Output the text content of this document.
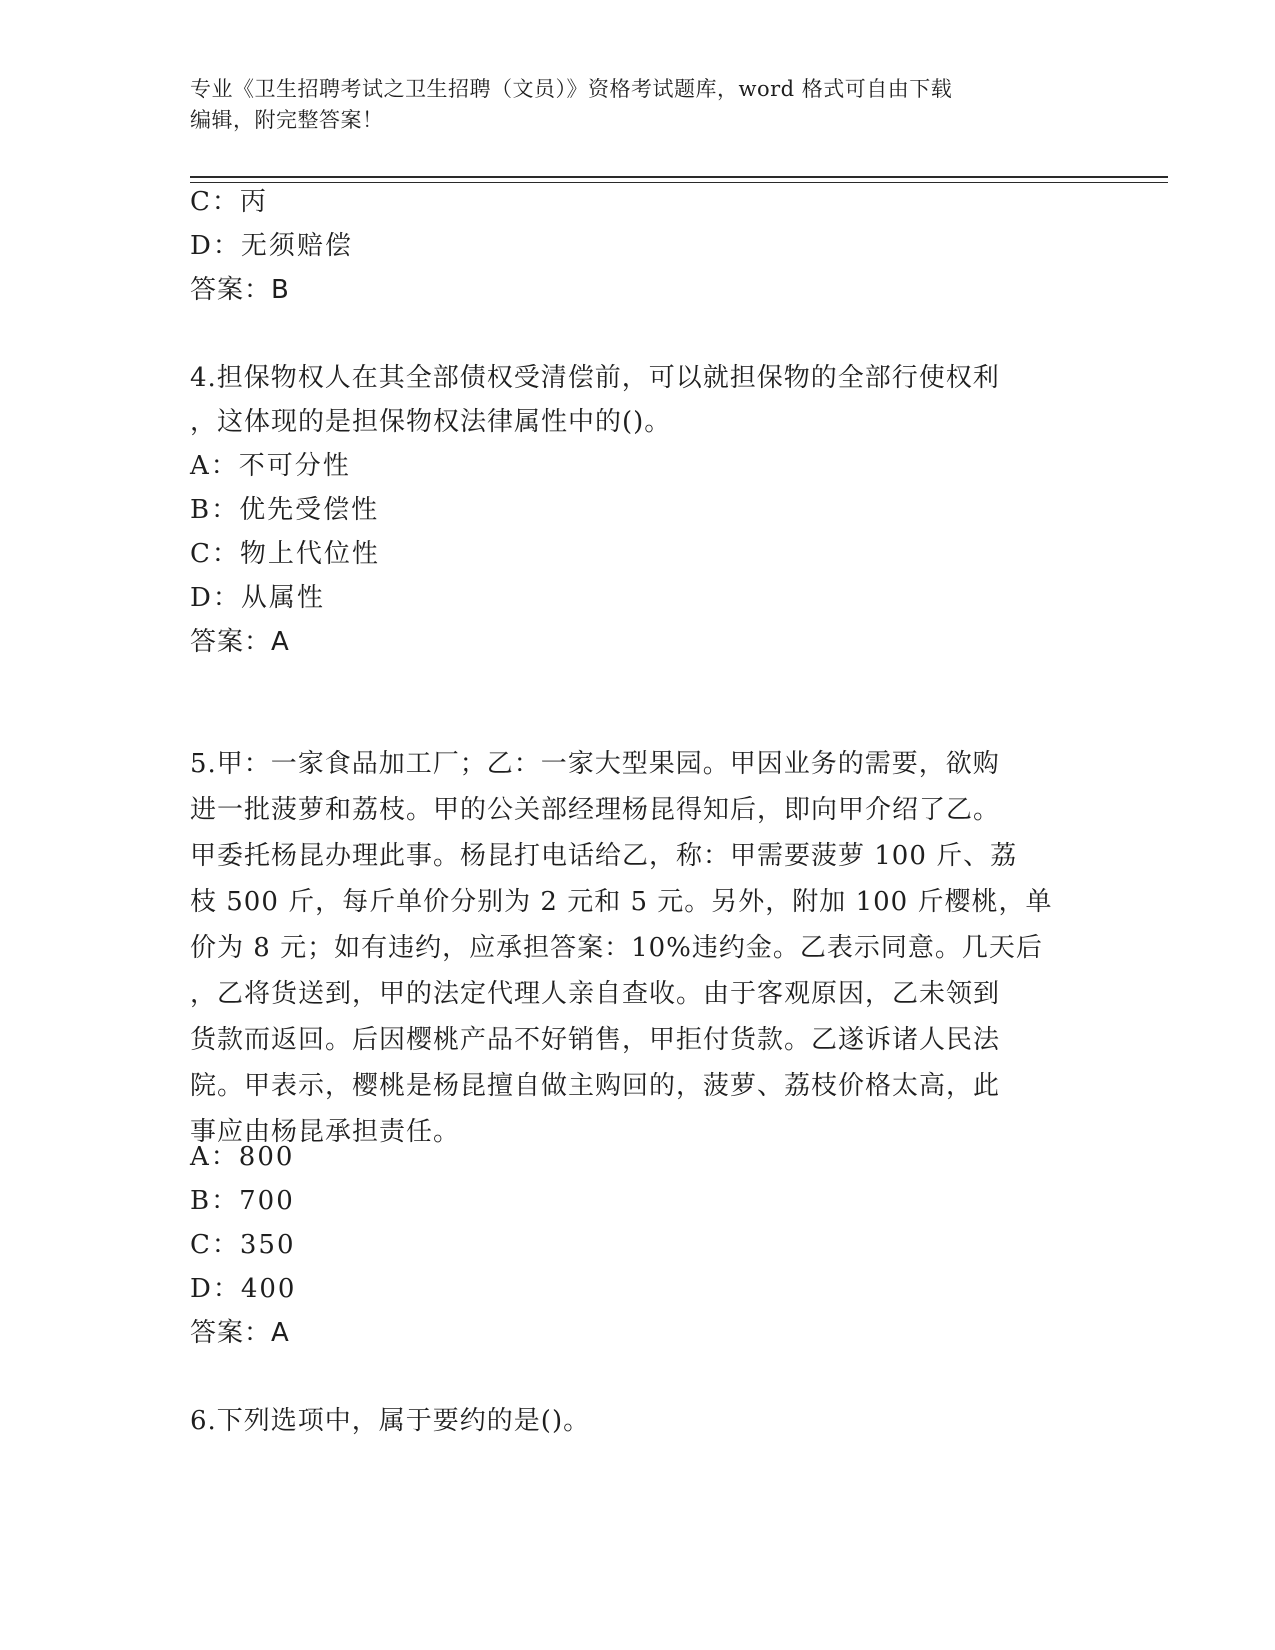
专业《卫生招聘考试之卫生招聘（文员）》资格考试题库，word 格式可自由下载
编辑，附完整答案！
C：丙
D：无须赔偿
答案：B
4.担保物权人在其全部债权受清偿前，可以就担保物的全部行使权利
，这体现的是担保物权法律属性中的()。
A：不可分性
B：优先受偿性
C：物上代位性
D：从属性
答案：A
5.甲：一家食品加工厂；乙：一家大型果园。甲因业务的需要，欲购
进一批菠萝和荔枝。甲的公关部经理杨昆得知后，即向甲介绍了乙。
甲委托杨昆办理此事。杨昆打电话给乙，称：甲需要菠萝 100 斤、荔
枝 500 斤，每斤单价分别为 2 元和 5 元。另外，附加 100 斤樱桃，单
价为 8 元；如有违约，应承担答案：10%违约金。乙表示同意。几天后
，乙将货送到，甲的法定代理人亲自查收。由于客观原因，乙未领到
货款而返回。后因樱桃产品不好销售，甲拒付货款。乙遂诉诸人民法
院。甲表示，樱桃是杨昆擅自做主购回的，菠萝、荔枝价格太高，此
事应由杨昆承担责任。
A：800
B：700
C：350
D：400
答案：A
6.下列选项中，属于要约的是()。
